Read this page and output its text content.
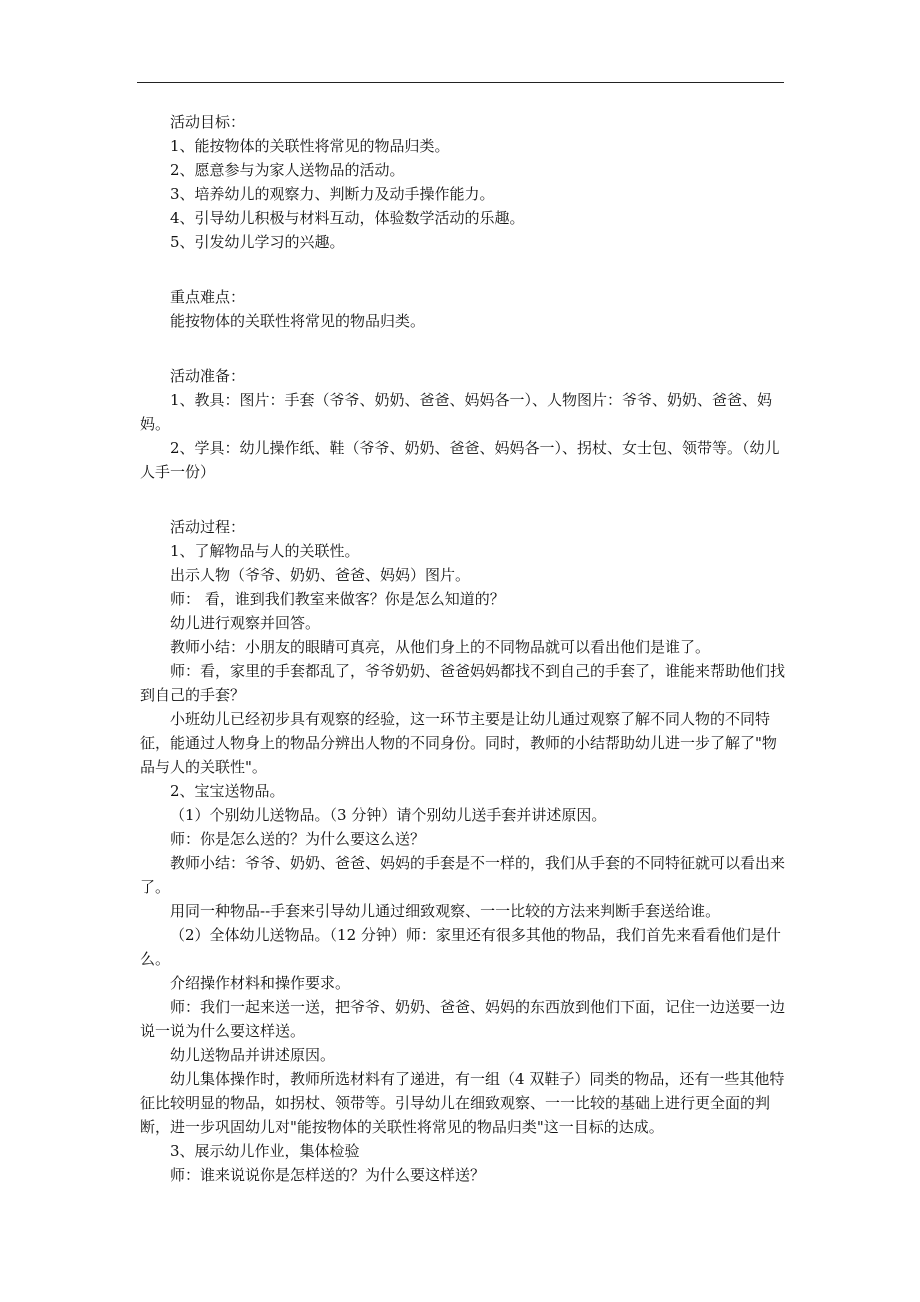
活动目标：

1、能按物体的关联性将常见的物品归类。

2、愿意参与为家人送物品的活动。

3、培养幼儿的观察力、判断力及动手操作能力。

4、引导幼儿积极与材料互动，体验数学活动的乐趣。

5、引发幼儿学习的兴趣。

重点难点：

能按物体的关联性将常见的物品归类。

活动准备：

1、教具：图片：手套（爷爷、奶奶、爸爸、妈妈各一）、人物图片：爷爷、奶奶、爸爸、妈妈。

2、学具：幼儿操作纸、鞋（爷爷、奶奶、爸爸、妈妈各一）、拐杖、女士包、领带等。（幼儿人手一份）

活动过程：

1、了解物品与人的关联性。

出示人物（爷爷、奶奶、爸爸、妈妈）图片。

师： 看，谁到我们教室来做客？你是怎么知道的？

幼儿进行观察并回答。

教师小结：小朋友的眼睛可真亮，从他们身上的不同物品就可以看出他们是谁了。

师：看，家里的手套都乱了，爷爷奶奶、爸爸妈妈都找不到自己的手套了，谁能来帮助他们找到自己的手套？

小班幼儿已经初步具有观察的经验，这一环节主要是让幼儿通过观察了解不同人物的不同特征，能通过人物身上的物品分辨出人物的不同身份。同时，教师的小结帮助幼儿进一步了解了"物品与人的关联性"。

2、宝宝送物品。

（1）个别幼儿送物品。（3 分钟）请个别幼儿送手套并讲述原因。

师：你是怎么送的？为什么要这么送？

教师小结：爷爷、奶奶、爸爸、妈妈的手套是不一样的，我们从手套的不同特征就可以看出来了。

用同一种物品--手套来引导幼儿通过细致观察、一一比较的方法来判断手套送给谁。

（2）全体幼儿送物品。（12 分钟）师：家里还有很多其他的物品，我们首先来看看他们是什么。

介绍操作材料和操作要求。

师：我们一起来送一送，把爷爷、奶奶、爸爸、妈妈的东西放到他们下面，记住一边送要一边说一说为什么要这样送。

幼儿送物品并讲述原因。

幼儿集体操作时，教师所选材料有了递进，有一组（4 双鞋子）同类的物品，还有一些其他特征比较明显的物品，如拐杖、领带等。引导幼儿在细致观察、一一比较的基础上进行更全面的判断，进一步巩固幼儿对"能按物体的关联性将常见的物品归类"这一目标的达成。

3、展示幼儿作业，集体检验

师：谁来说说你是怎样送的？为什么要这样送？
